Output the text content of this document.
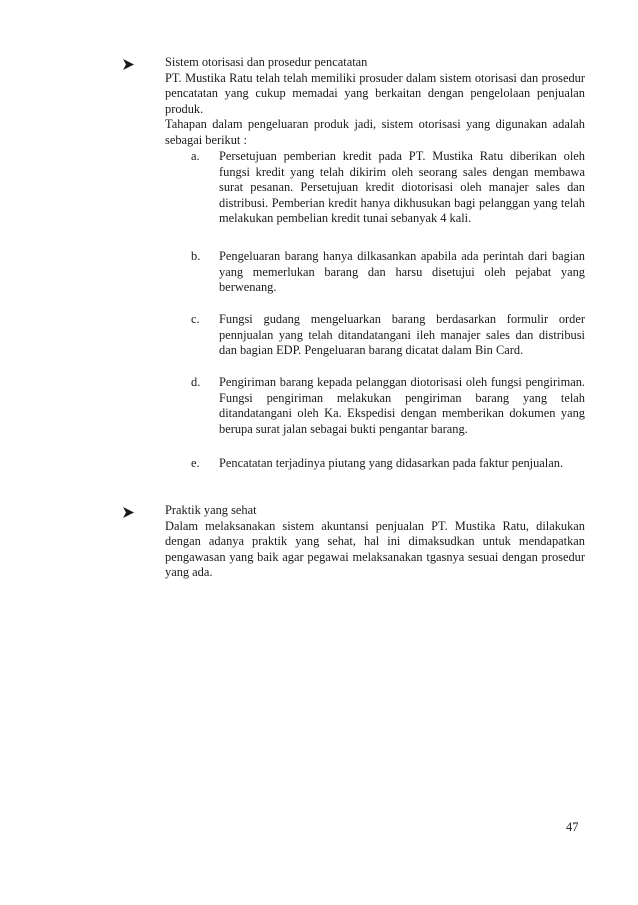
Sistem otorisasi dan prosedur pencatatan

PT. Mustika Ratu telah telah memiliki prosuder dalam sistem otorisasi dan prosedur pencatatan yang cukup memadai yang berkaitan dengan pengelolaan penjualan produk.

Tahapan dalam pengeluaran produk jadi, sistem otorisasi yang digunakan adalah sebagai berikut :

a. Persetujuan pemberian kredit pada PT. Mustika Ratu diberikan oleh fungsi kredit yang telah dikirim oleh seorang sales dengan membawa surat pesanan. Persetujuan kredit diotorisasi oleh manajer sales dan distribusi. Pemberian kredit hanya dikhusukan bagi pelanggan yang telah melakukan pembelian kredit tunai sebanyak 4 kali.

b. Pengeluaran barang hanya dilkasankan apabila ada perintah dari bagian yang memerlukan barang dan harsu disetujui oleh pejabat yang berwenang.

c. Fungsi gudang mengeluarkan barang berdasarkan formulir order pennjualan yang telah ditandatangani ileh manajer sales dan distribusi dan bagian EDP. Pengeluaran barang dicatat dalam Bin Card.

d. Pengiriman barang kepada pelanggan diotorisasi oleh fungsi pengiriman. Fungsi pengiriman melakukan pengiriman barang yang telah ditandatangani oleh Ka. Ekspedisi dengan memberikan dokumen yang berupa surat jalan sebagai bukti pengantar barang.

e. Pencatatan terjadinya piutang yang didasarkan pada faktur penjualan.

Praktik yang sehat

Dalam melaksanakan sistem akuntansi penjualan PT. Mustika Ratu, dilakukan dengan adanya praktik yang sehat, hal ini dimaksudkan untuk mendapatkan pengawasan yang baik agar pegawai melaksanakan tgasnya sesuai dengan prosedur yang ada.

47
